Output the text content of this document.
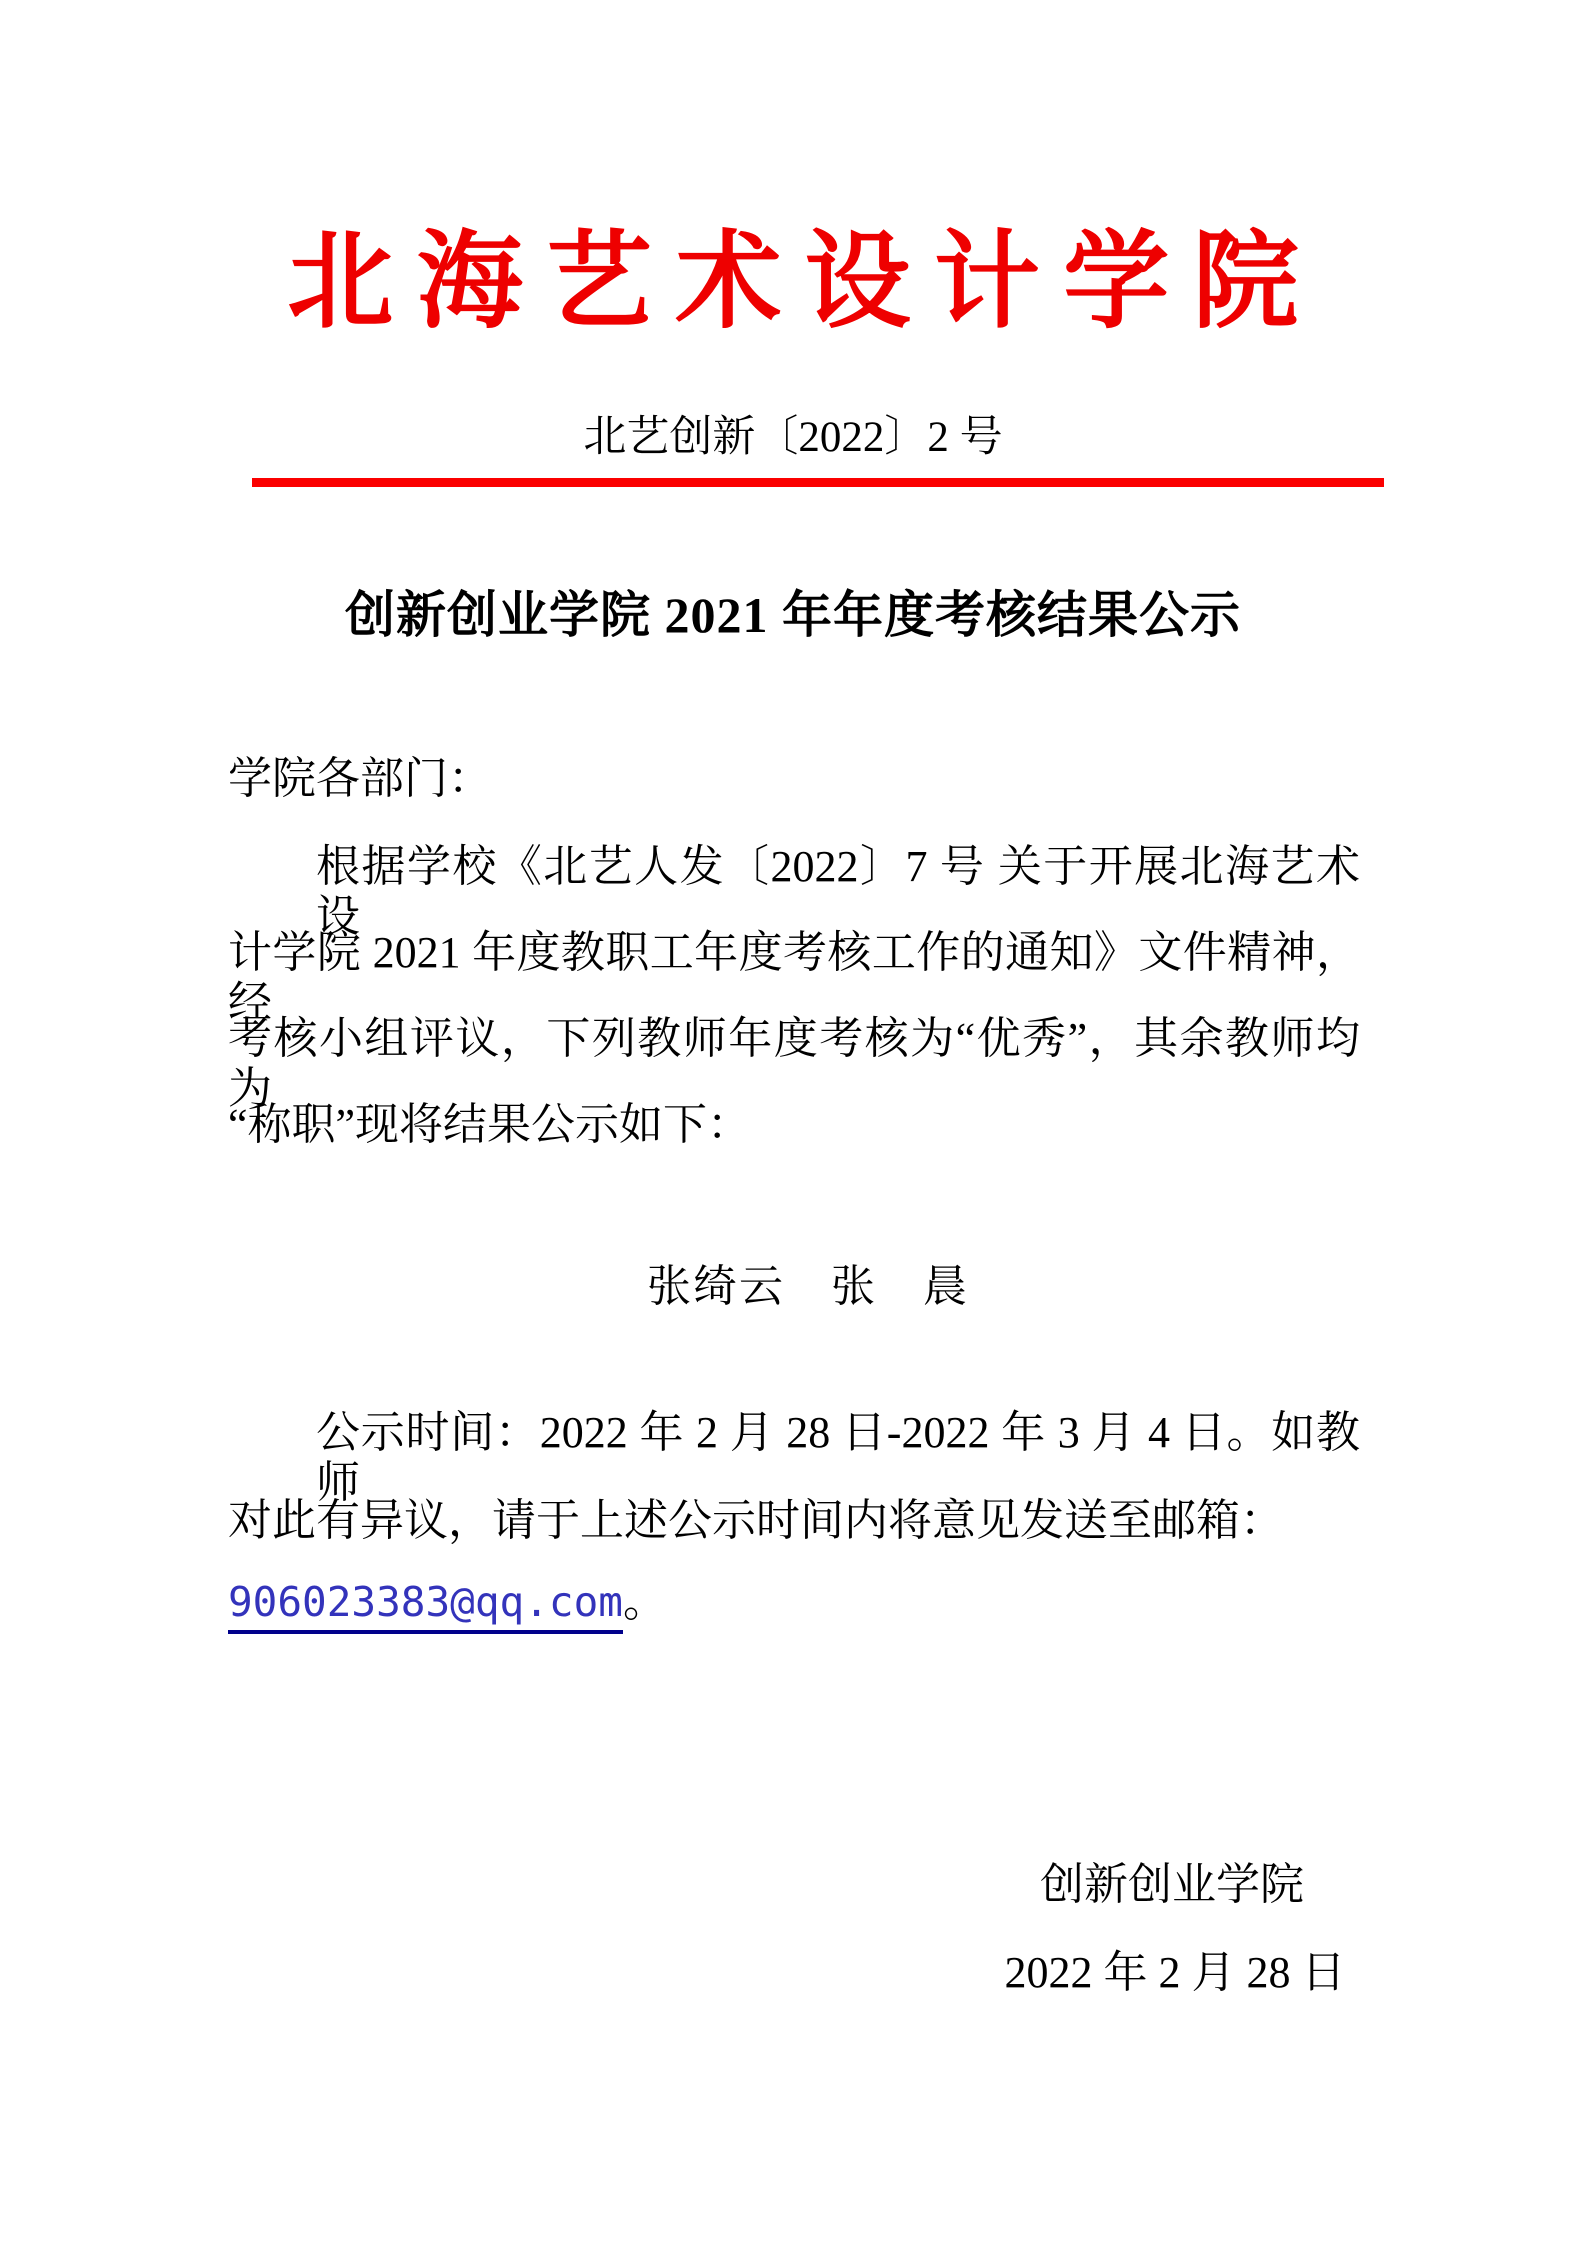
北海艺术设计学院
北艺创新〔2022〕2 号
创新创业学院 2021 年年度考核结果公示
学院各部门：
根据学校《北艺人发〔2022〕7 号 关于开展北海艺术设
计学院 2021 年度教职工年度考核工作的通知》文件精神，经
考核小组评议，下列教师年度考核为“优秀”，其余教师均为
“称职”现将结果公示如下：
张绮云　张　晨
公示时间：2022 年 2 月 28 日-2022 年 3 月 4 日。如教师
对此有异议，请于上述公示时间内将意见发送至邮箱：
906023383@qq.com。
创新创业学院
2022 年 2 月 28 日
